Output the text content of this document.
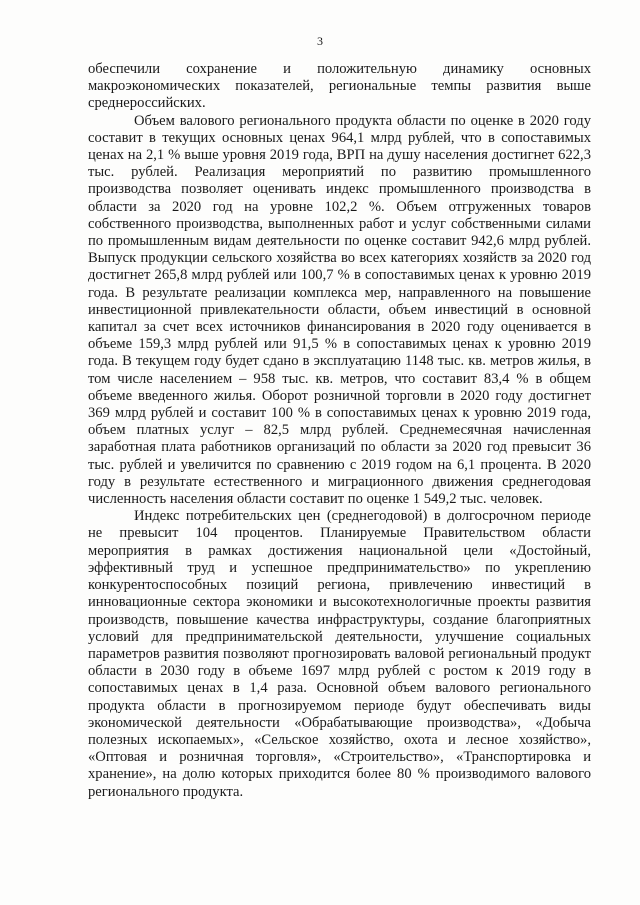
3

обеспечили сохранение и положительную динамику основных макроэкономических показателей, региональные темпы развития выше среднероссийских.

Объем валового регионального продукта области по оценке в 2020 году составит в текущих основных ценах 964,1 млрд рублей, что в сопоставимых ценах на 2,1 % выше уровня 2019 года, ВРП на душу населения достигнет 622,3 тыс. рублей. Реализация мероприятий по развитию промышленного производства позволяет оценивать индекс промышленного производства в области за 2020 год на уровне 102,2 %. Объем отгруженных товаров собственного производства, выполненных работ и услуг собственными силами по промышленным видам деятельности по оценке составит 942,6 млрд рублей. Выпуск продукции сельского хозяйства во всех категориях хозяйств за 2020 год достигнет 265,8 млрд рублей или 100,7 % в сопоставимых ценах к уровню 2019 года. В результате реализации комплекса мер, направленного на повышение инвестиционной привлекательности области, объем инвестиций в основной капитал за счет всех источников финансирования в 2020 году оценивается в объеме 159,3 млрд рублей или 91,5 % в сопоставимых ценах к уровню 2019 года. В текущем году будет сдано в эксплуатацию 1148 тыс. кв. метров жилья, в том числе населением – 958 тыс. кв. метров, что составит 83,4 % в общем объеме введенного жилья. Оборот розничной торговли в 2020 году достигнет 369 млрд рублей и составит 100 % в сопоставимых ценах к уровню 2019 года, объем платных услуг – 82,5 млрд рублей. Среднемесячная начисленная заработная плата работников организаций по области за 2020 год превысит 36 тыс. рублей и увеличится по сравнению с 2019 годом на 6,1 процента. В 2020 году в результате естественного и миграционного движения среднегодовая численность населения области составит по оценке 1 549,2 тыс. человек.

Индекс потребительских цен (среднегодовой) в долгосрочном периоде не превысит 104 процентов. Планируемые Правительством области мероприятия в рамках достижения национальной цели «Достойный, эффективный труд и успешное предпринимательство» по укреплению конкурентоспособных позиций региона, привлечению инвестиций в инновационные сектора экономики и высокотехнологичные проекты развития производств, повышение качества инфраструктуры, создание благоприятных условий для предпринимательской деятельности, улучшение социальных параметров развития позволяют прогнозировать валовой региональный продукт области в 2030 году в объеме 1697 млрд рублей с ростом к 2019 году в сопоставимых ценах в 1,4 раза. Основной объем валового регионального продукта области в прогнозируемом периоде будут обеспечивать виды экономической деятельности «Обрабатывающие производства», «Добыча полезных ископаемых», «Сельское хозяйство, охота и лесное хозяйство», «Оптовая и розничная торговля», «Строительство», «Транспортировка и хранение», на долю которых приходится более 80 % производимого валового регионального продукта.
